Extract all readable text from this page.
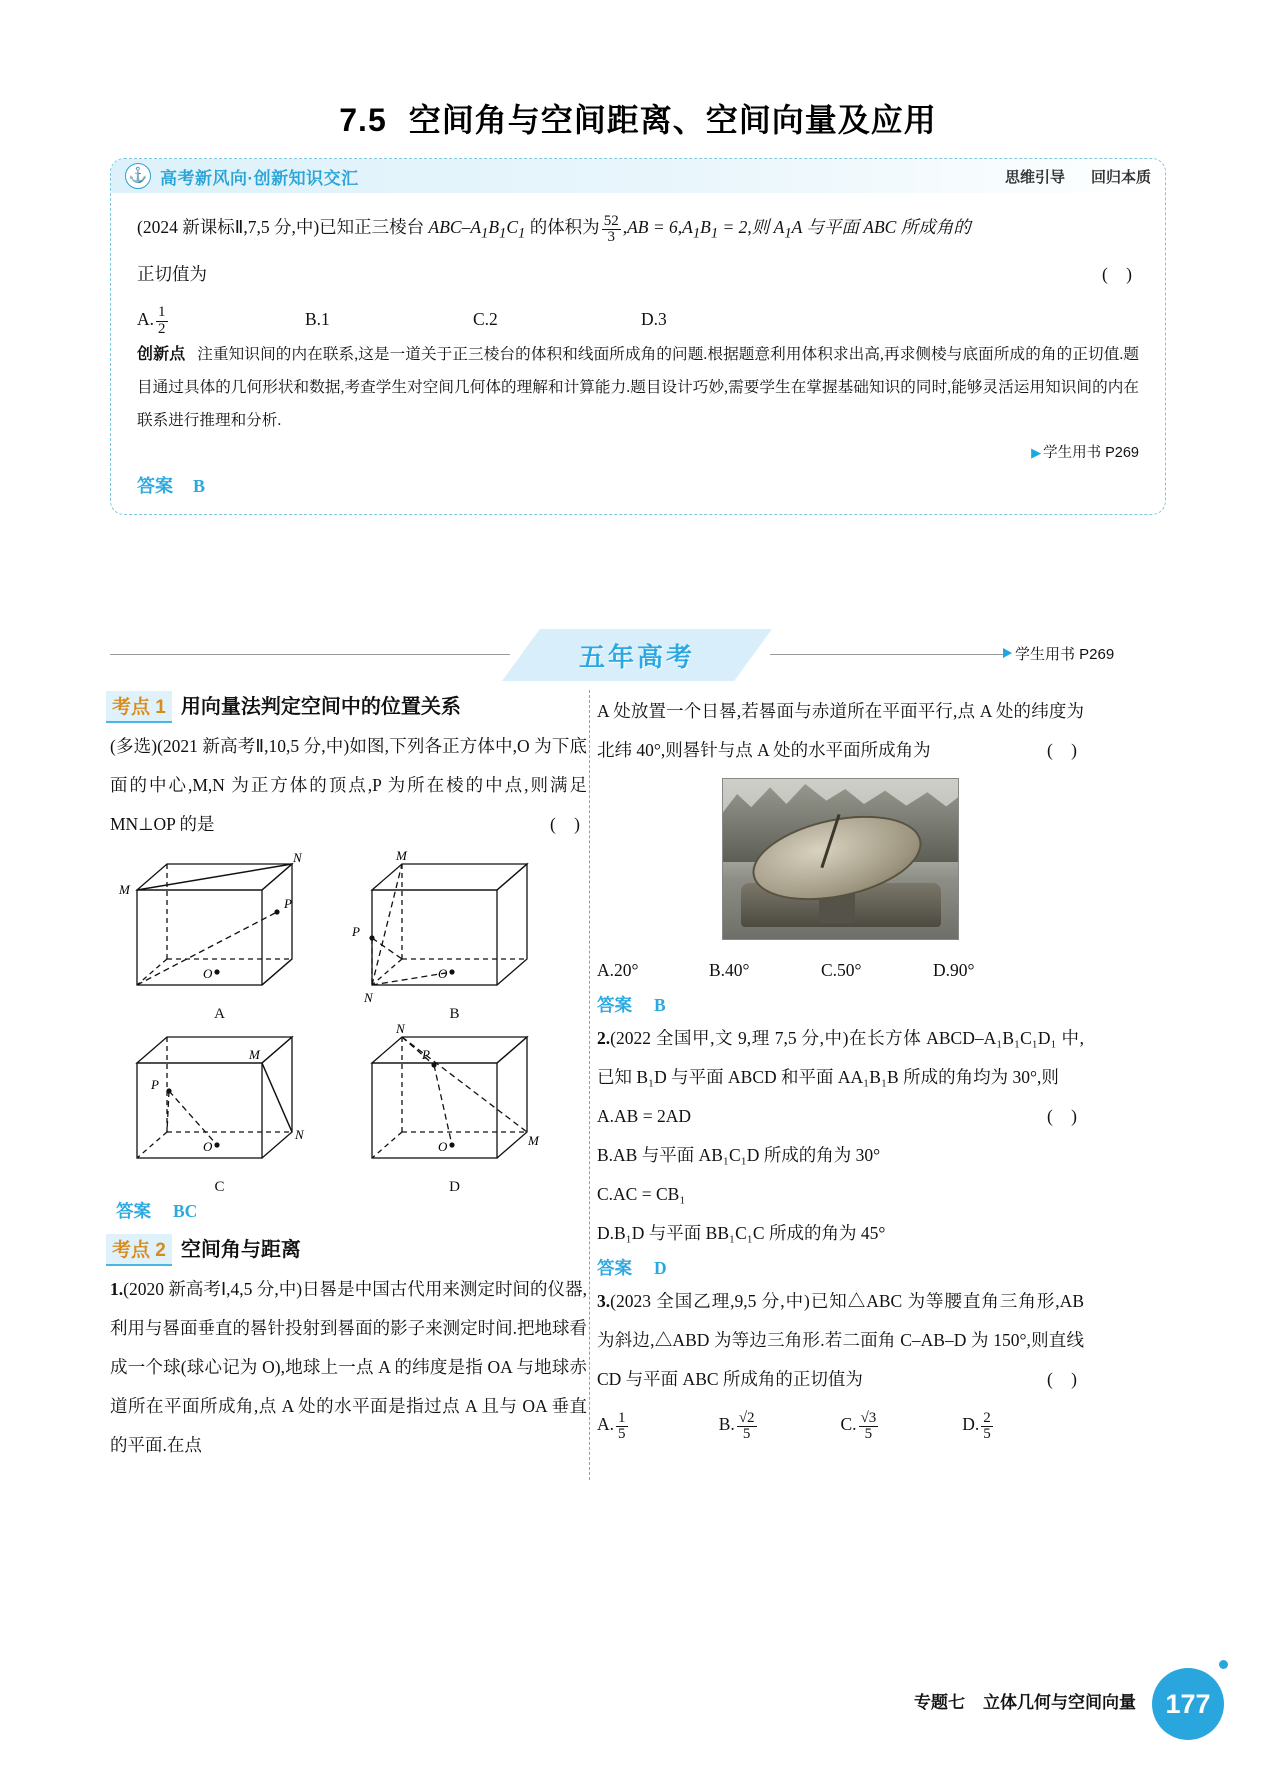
7.5 空间角与空间距离、空间向量及应用
⚓ 高考新风向·创新知识交汇	思维引导 回归本质
(2024 新课标Ⅱ,7,5 分,中)已知正三棱台 ABC–$A_1B_1C_1$ 的体积为 $\frac{52}{3} ,AB = 6,A_1B_1 = 2$,则 $A_1A$ 与平面 ABC 所成角的
正切值为	( )
A. $\frac{1}{2}$	B.1	C.2	D.3
创新点 注重知识间的内在联系,这是一道关于正三棱台的体积和线面所成角的问题.根据题意利用体积求出高,再求侧棱与底面所成的角的正切值.题目通过具体的几何形状和数据,考查学生对空间几何体的理解和计算能力.题目设计巧妙,需要学生在掌握基础知识的同时,能够灵活运用知识间的内在联系进行推理和分析.
▶ 学生用书 P269
答案 B
五年高考	学生用书 P269
考点 1 用向量法判定空间中的位置关系
(多选)(2021 新高考Ⅱ,10,5 分,中)如图,下列各正方体中,O 为下底面的中心,M,N 为正方体的顶点,P 为所在棱的中点,则满足 MN⊥OP 的是	( )
M
N
P
O
A
M
N
P
O
B
M
N
P
O
C
N
M
P
O
D
答案 BC
考点 2 空间角与距离
1.(2020 新高考Ⅰ,4,5 分,中)日晷是中国古代用来测定时间的仪器,利用与晷面垂直的晷针投射到晷面的影子来测定时间.把地球看成一个球(球心记为 O),地球上一点 A 的纬度是指 OA 与地球赤道所在平面所成角,点 A 处的水平面是指过点 A 且与 OA 垂直的平面.在点
A 处放置一个日晷,若晷面与赤道所在平面平行,点 A 处的纬度为北纬 40°,则晷针与点 A 处的水平面所成角为	( )
A.20°	B.40°	C.50°	D.90°
答案 B
2.(2022 全国甲,文 9,理 7,5 分,中)在长方体 ABCD–A₁B₁C₁D₁ 中,已知 B₁D 与平面 ABCD 和平面 AA₁B₁B 所成的角均为 30°,则
( )
A.AB = 2AD
B.AB 与平面 AB₁C₁D 所成的角为 30°
C.AC = CB₁
D.B₁D 与平面 BB₁C₁C 所成的角为 45°
答案 D
3.(2023 全国乙理,9,5 分,中)已知△ABC 为等腰直角三角形,AB 为斜边,△ABD 为等边三角形.若二面角 C–AB–D 为 150°,则直线 CD 与平面 ABC 所成角的正切值为	( )
A. $\frac{1}{5}$	B. $\frac{√2}{5}$	C. $\frac{√3}{5}$	D. $\frac{2}{5}$
专题七 立体几何与空间向量	177
